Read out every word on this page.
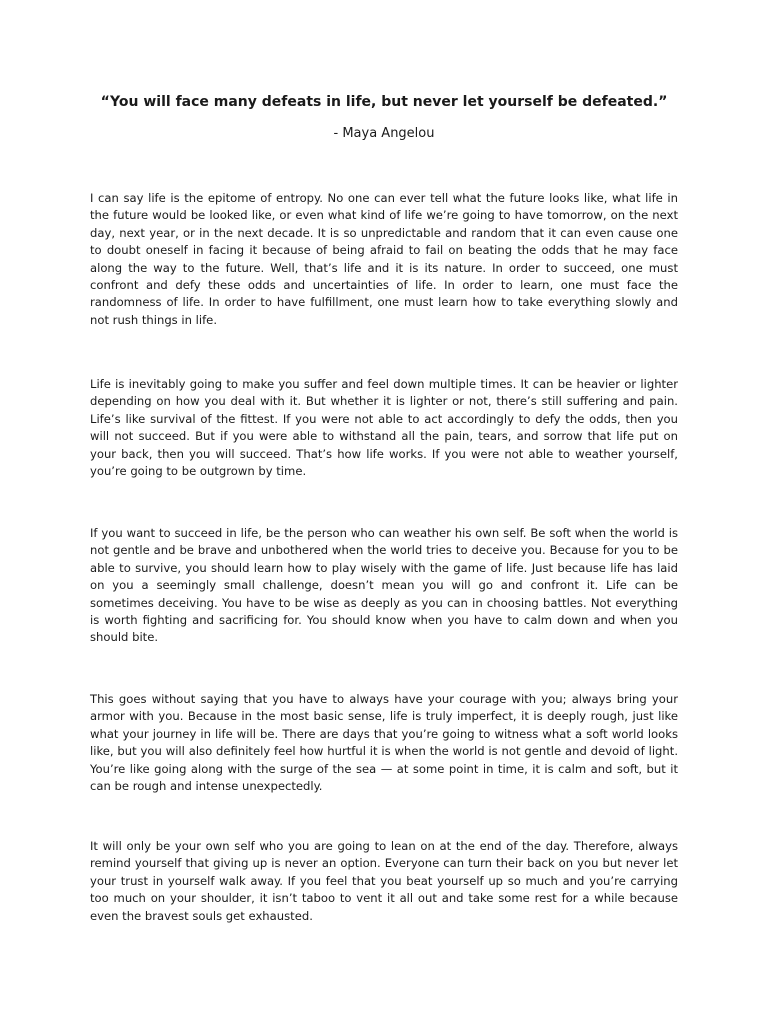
“You will face many defeats in life, but never let yourself be defeated.”

- Maya Angelou

I can say life is the epitome of entropy. No one can ever tell what the future looks like, what life in the future would be looked like, or even what kind of life we’re going to have tomorrow, on the next day, next year, or in the next decade. It is so unpredictable and random that it can even cause one to doubt oneself in facing it because of being afraid to fail on beating the odds that he may face along the way to the future. Well, that’s life and it is its nature. In order to succeed, one must confront and defy these odds and uncertainties of life. In order to learn, one must face the randomness of life. In order to have fulfillment, one must learn how to take everything slowly and not rush things in life.

Life is inevitably going to make you suffer and feel down multiple times. It can be heavier or lighter depending on how you deal with it. But whether it is lighter or not, there’s still suffering and pain. Life’s like survival of the fittest. If you were not able to act accordingly to defy the odds, then you will not succeed. But if you were able to withstand all the pain, tears, and sorrow that life put on your back, then you will succeed. That’s how life works. If you were not able to weather yourself, you’re going to be outgrown by time.

If you want to succeed in life, be the person who can weather his own self. Be soft when the world is not gentle and be brave and unbothered when the world tries to deceive you. Because for you to be able to survive, you should learn how to play wisely with the game of life. Just because life has laid on you a seemingly small challenge, doesn’t mean you will go and confront it. Life can be sometimes deceiving. You have to be wise as deeply as you can in choosing battles. Not everything is worth fighting and sacrificing for. You should know when you have to calm down and when you should bite.

This goes without saying that you have to always have your courage with you; always bring your armor with you. Because in the most basic sense, life is truly imperfect, it is deeply rough, just like what your journey in life will be. There are days that you’re going to witness what a soft world looks like, but you will also definitely feel how hurtful it is when the world is not gentle and devoid of light. You’re like going along with the surge of the sea — at some point in time, it is calm and soft, but it can be rough and intense unexpectedly.

It will only be your own self who you are going to lean on at the end of the day. Therefore, always remind yourself that giving up is never an option. Everyone can turn their back on you but never let your trust in yourself walk away. If you feel that you beat yourself up so much and you’re carrying too much on your shoulder, it isn’t taboo to vent it all out and take some rest for a while because even the bravest souls get exhausted.
